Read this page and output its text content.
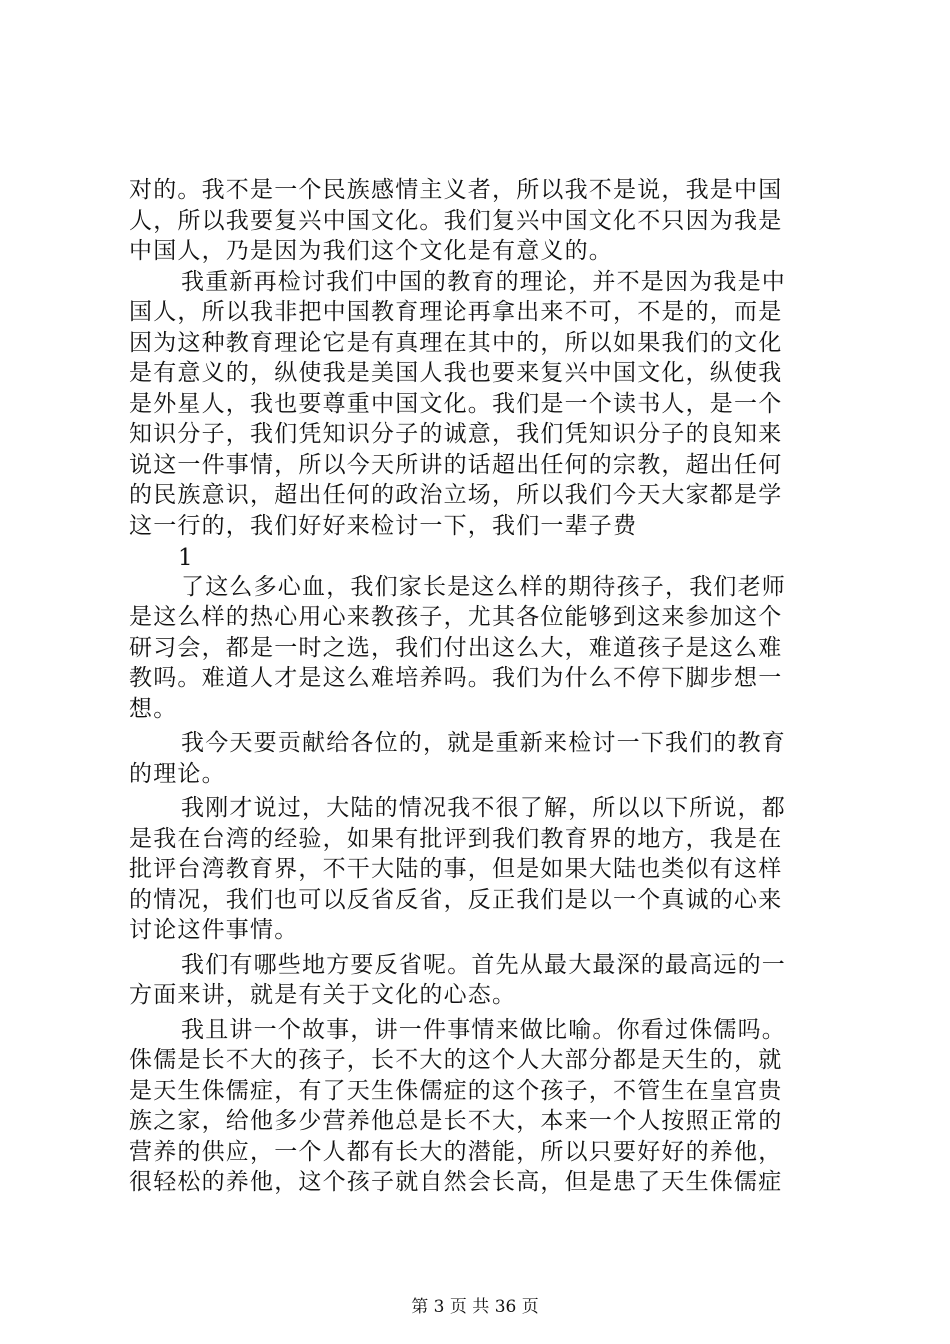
对的。我不是一个民族感情主义者，所以我不是说，我是中国
人，所以我要复兴中国文化。我们复兴中国文化不只因为我是
中国人，乃是因为我们这个文化是有意义的。
我重新再检讨我们中国的教育的理论，并不是因为我是中
国人，所以我非把中国教育理论再拿出来不可，不是的，而是
因为这种教育理论它是有真理在其中的，所以如果我们的文化
是有意义的，纵使我是美国人我也要来复兴中国文化，纵使我
是外星人，我也要尊重中国文化。我们是一个读书人，是一个
知识分子，我们凭知识分子的诚意，我们凭知识分子的良知来
说这一件事情，所以今天所讲的话超出任何的宗教，超出任何
的民族意识，超出任何的政治立场，所以我们今天大家都是学
这一行的，我们好好来检讨一下，我们一辈子费
1
了这么多心血，我们家长是这么样的期待孩子，我们老师
是这么样的热心用心来教孩子，尤其各位能够到这来参加这个
研习会，都是一时之选，我们付出这么大，难道孩子是这么难
教吗。难道人才是这么难培养吗。我们为什么不停下脚步想一
想。
我今天要贡献给各位的，就是重新来检讨一下我们的教育
的理论。
我刚才说过，大陆的情况我不很了解，所以以下所说，都
是我在台湾的经验，如果有批评到我们教育界的地方，我是在
批评台湾教育界，不干大陆的事，但是如果大陆也类似有这样
的情况，我们也可以反省反省，反正我们是以一个真诚的心来
讨论这件事情。
我们有哪些地方要反省呢。首先从最大最深的最高远的一
方面来讲，就是有关于文化的心态。
我且讲一个故事，讲一件事情来做比喻。你看过侏儒吗。
侏儒是长不大的孩子，长不大的这个人大部分都是天生的，就
是天生侏儒症，有了天生侏儒症的这个孩子，不管生在皇宫贵
族之家，给他多少营养他总是长不大，本来一个人按照正常的
第 3 页 共 36 页
营养的供应，一个人都有长大的潜能，所以只要好好的养他，
很轻松的养他，这个孩子就自然会长高，但是患了天生侏儒症
